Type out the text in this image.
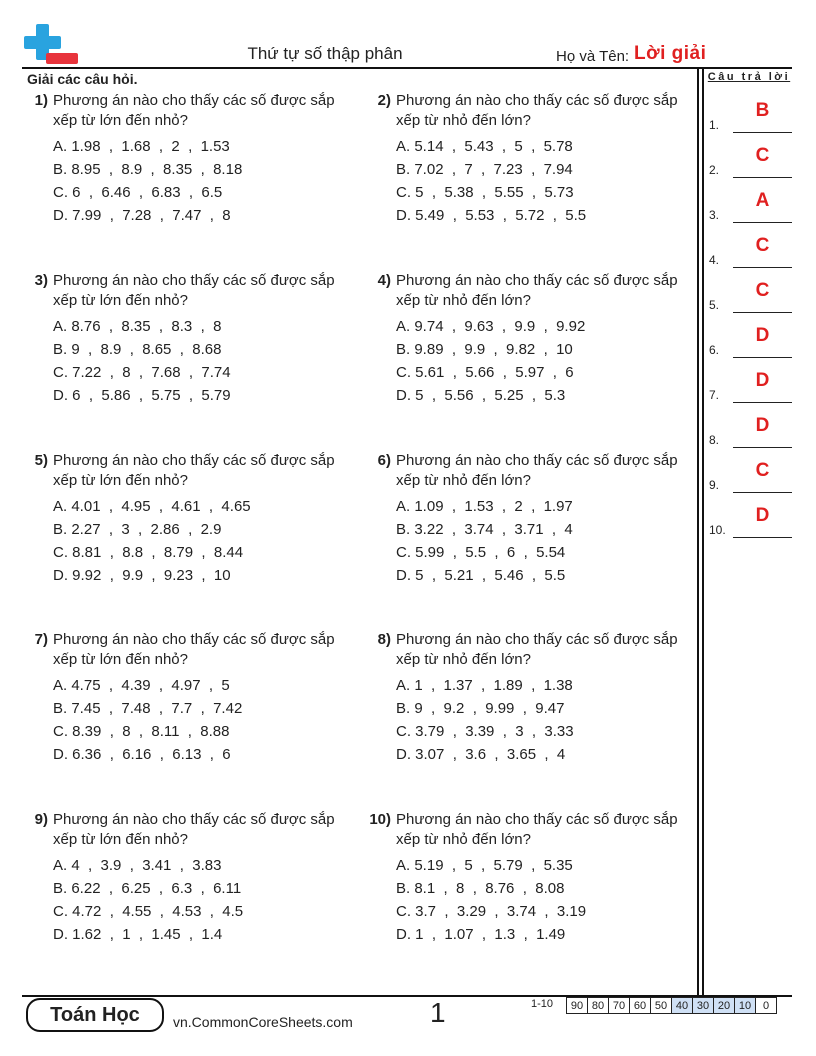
Thứ tự số thập phân	Họ và Tên: Lời giải
Giải các câu hỏi.	Câu trả lời
1.
B
2.
C
3.
A
4.
C
5.
C
6.
D
7.
D
8.
D
9.
C
10.
D
1) Phương án nào cho thấy các số được sắp xếp từ lớn đến nhỏ?
A. 1.98  ,  1.68  ,  2  ,  1.53
B. 8.95  ,  8.9  ,  8.35  ,  8.18
C. 6  ,  6.46  ,  6.83  ,  6.5
D. 7.99  ,  7.28  ,  7.47  ,  8
2) Phương án nào cho thấy các số được sắp xếp từ nhỏ đến lớn?
A. 5.14  ,  5.43  ,  5  ,  5.78
B. 7.02  ,  7  ,  7.23  ,  7.94
C. 5  ,  5.38  ,  5.55  ,  5.73
D. 5.49  ,  5.53  ,  5.72  ,  5.5
3) Phương án nào cho thấy các số được sắp xếp từ lớn đến nhỏ?
A. 8.76  ,  8.35  ,  8.3  ,  8
B. 9  ,  8.9  ,  8.65  ,  8.68
C. 7.22  ,  8  ,  7.68  ,  7.74
D. 6  ,  5.86  ,  5.75  ,  5.79
4) Phương án nào cho thấy các số được sắp xếp từ nhỏ đến lớn?
A. 9.74  ,  9.63  ,  9.9  ,  9.92
B. 9.89  ,  9.9  ,  9.82  ,  10
C. 5.61  ,  5.66  ,  5.97  ,  6
D. 5  ,  5.56  ,  5.25  ,  5.3
5) Phương án nào cho thấy các số được sắp xếp từ lớn đến nhỏ?
A. 4.01  ,  4.95  ,  4.61  ,  4.65
B. 2.27  ,  3  ,  2.86  ,  2.9
C. 8.81  ,  8.8  ,  8.79  ,  8.44
D. 9.92  ,  9.9  ,  9.23  ,  10
6) Phương án nào cho thấy các số được sắp xếp từ nhỏ đến lớn?
A. 1.09  ,  1.53  ,  2  ,  1.97
B. 3.22  ,  3.74  ,  3.71  ,  4
C. 5.99  ,  5.5  ,  6  ,  5.54
D. 5  ,  5.21  ,  5.46  ,  5.5
7) Phương án nào cho thấy các số được sắp xếp từ lớn đến nhỏ?
A. 4.75  ,  4.39  ,  4.97  ,  5
B. 7.45  ,  7.48  ,  7.7  ,  7.42
C. 8.39  ,  8  ,  8.11  ,  8.88
D. 6.36  ,  6.16  ,  6.13  ,  6
8) Phương án nào cho thấy các số được sắp xếp từ nhỏ đến lớn?
A. 1  ,  1.37  ,  1.89  ,  1.38
B. 9  ,  9.2  ,  9.99  ,  9.47
C. 3.79  ,  3.39  ,  3  ,  3.33
D. 3.07  ,  3.6  ,  3.65  ,  4
9) Phương án nào cho thấy các số được sắp xếp từ lớn đến nhỏ?
A. 4  ,  3.9  ,  3.41  ,  3.83
B. 6.22  ,  6.25  ,  6.3  ,  6.11
C. 4.72  ,  4.55  ,  4.53  ,  4.5
D. 1.62  ,  1  ,  1.45  ,  1.4
10) Phương án nào cho thấy các số được sắp xếp từ nhỏ đến lớn?
A. 5.19  ,  5  ,  5.79  ,  5.35
B. 8.1  ,  8  ,  8.76  ,  8.08
C. 3.7  ,  3.29  ,  3.74  ,  3.19
D. 1  ,  1.07  ,  1.3  ,  1.49
Toán Học	vn.CommonCoreSheets.com	1	1-10 90	80	70	60	50	40	30	20	10	0
